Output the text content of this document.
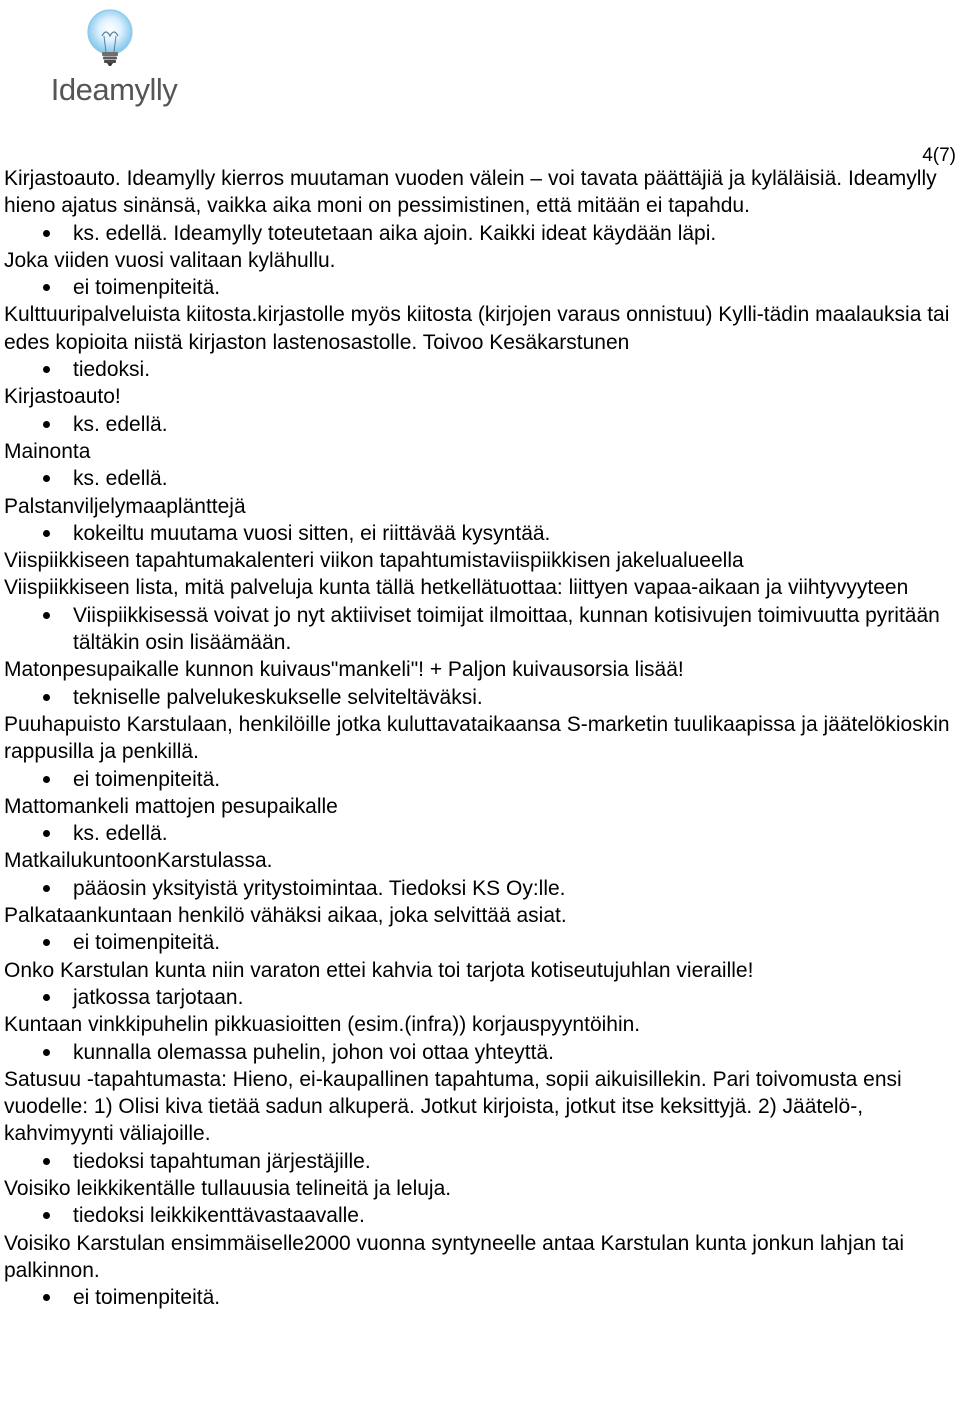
Ideamylly
4(7)
Kirjastoauto. Ideamylly kierros muutaman vuoden välein – voi tavata päättäjiä ja kyläläisiä. Ideamylly hieno ajatus sinänsä, vaikka aika moni on pessimistinen, että mitään ei tapahdu.
ks. edellä. Ideamylly toteutetaan aika ajoin. Kaikki ideat käydään läpi.
Joka viiden vuosi valitaan kylähullu.
ei toimenpiteitä.
Kulttuuripalveluista kiitosta.kirjastolle myös kiitosta (kirjojen varaus onnistuu) Kylli-tädin maalauksia tai edes kopioita niistä kirjaston lastenosastolle. Toivoo Kesäkarstunen
tiedoksi.
Kirjastoauto!
ks. edellä.
Mainonta
ks. edellä.
Palstanviljelymaaplänttejä
kokeiltu muutama vuosi sitten, ei riittävää kysyntää.
Viispiikkiseen tapahtumakalenteri viikon tapahtumistaviispiikkisen jakelualueella
Viispiikkiseen lista, mitä palveluja kunta tällä hetkellätuottaa: liittyen vapaa-aikaan ja viihtyvyyteen
Viispiikkisessä voivat jo nyt aktiiviset toimijat ilmoittaa, kunnan kotisivujen toimivuutta pyritään tältäkin osin lisäämään.
Matonpesupaikalle kunnon kuivaus"mankeli"! + Paljon kuivausorsia lisää!
tekniselle palvelukeskukselle selviteltäväksi.
Puuhapuisto Karstulaan, henkilöille jotka kuluttavataikaansa S-marketin tuulikaapissa ja jäätelökioskin rappusilla ja penkillä.
ei toimenpiteitä.
Mattomankeli mattojen pesupaikalle
ks. edellä.
MatkailukuntoonKarstulassa.
pääosin yksityistä yritystoimintaa. Tiedoksi KS Oy:lle.
Palkataankuntaan henkilö vähäksi aikaa, joka selvittää asiat.
ei toimenpiteitä.
Onko Karstulan kunta niin varaton ettei kahvia toi tarjota kotiseutujuhlan vieraille!
jatkossa tarjotaan.
Kuntaan vinkkipuhelin pikkuasioitten (esim.(infra)) korjauspyyntöihin.
kunnalla olemassa puhelin, johon voi ottaa yhteyttä.
Satusuu -tapahtumasta: Hieno, ei-kaupallinen tapahtuma, sopii aikuisillekin. Pari toivomusta ensi vuodelle: 1) Olisi kiva tietää sadun alkuperä. Jotkut kirjoista, jotkut itse keksittyjä. 2) Jäätelö-, kahvimyynti väliajoille.
tiedoksi tapahtuman järjestäjille.
Voisiko leikkikentälle tullauusia telineitä ja leluja.
tiedoksi leikkikenttävastaavalle.
Voisiko Karstulan ensimmäiselle2000 vuonna syntyneelle antaa Karstulan kunta jonkun lahjan tai palkinnon.
ei toimenpiteitä.
